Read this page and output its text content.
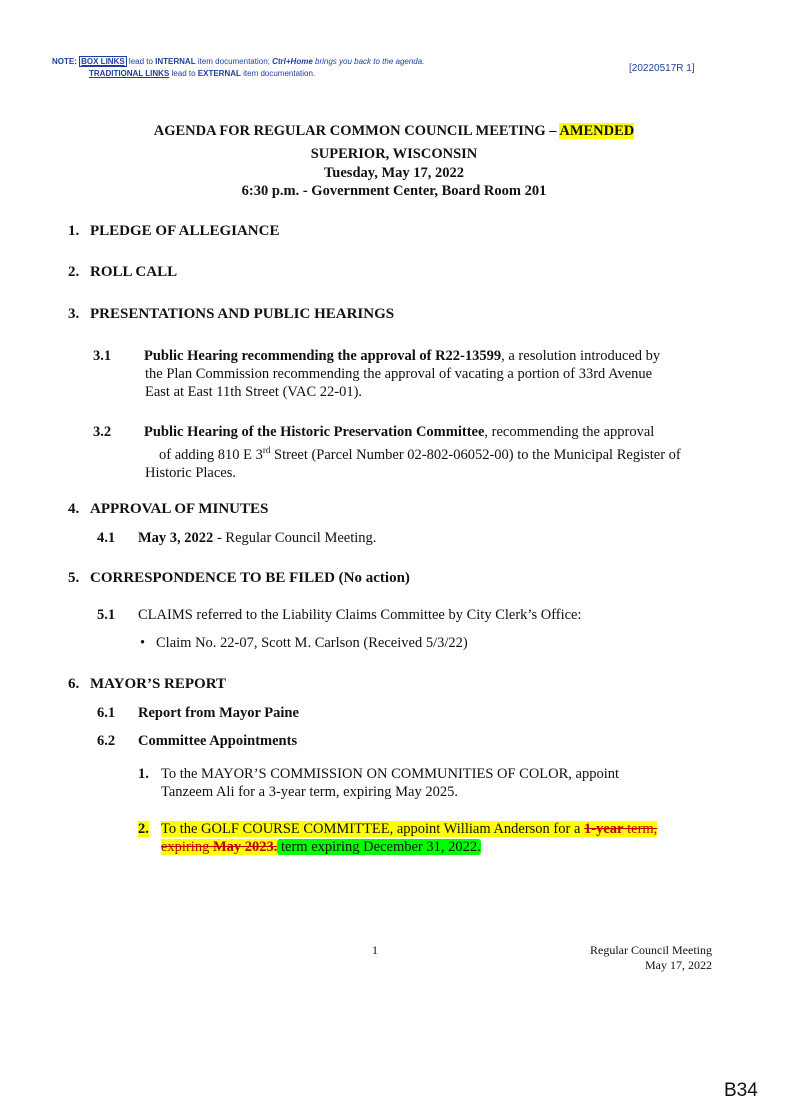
NOTE: BOX LINKS lead to INTERNAL item documentation; Ctrl+Home brings you back to the agenda.
TRADITIONAL LINKS lead to EXTERNAL item documentation.	[20220517R 1]
AGENDA FOR REGULAR COMMON COUNCIL MEETING – AMENDED
SUPERIOR, WISCONSIN
Tuesday, May 17, 2022
6:30 p.m. - Government Center, Board Room 201
1. PLEDGE OF ALLEGIANCE
2. ROLL CALL
3. PRESENTATIONS AND PUBLIC HEARINGS
3.1 Public Hearing recommending the approval of R22-13599, a resolution introduced by
the Plan Commission recommending the approval of vacating a portion of 33rd Avenue
East at East 11th Street (VAC 22-01).
3.2 Public Hearing of the Historic Preservation Committee, recommending the approval
of adding 810 E 3rd Street (Parcel Number 02-802-06052-00) to the Municipal Register of
Historic Places.
4. APPROVAL OF MINUTES
4.1 May 3, 2022 - Regular Council Meeting.
5. CORRESPONDENCE TO BE FILED (No action)
5.1 CLAIMS referred to the Liability Claims Committee by City Clerk’s Office:
• Claim No. 22-07, Scott M. Carlson (Received 5/3/22)
6. MAYOR’S REPORT
6.1 Report from Mayor Paine
6.2 Committee Appointments
1. To the MAYOR’S COMMISSION ON COMMUNITIES OF COLOR, appoint
Tanzeem Ali for a 3-year term, expiring May 2025.
2. To the GOLF COURSE COMMITTEE, appoint William Anderson for a 1-year term,
expiring May 2023. term expiring December 31, 2022.
1	Regular Council Meeting
May 17, 2022
B34
